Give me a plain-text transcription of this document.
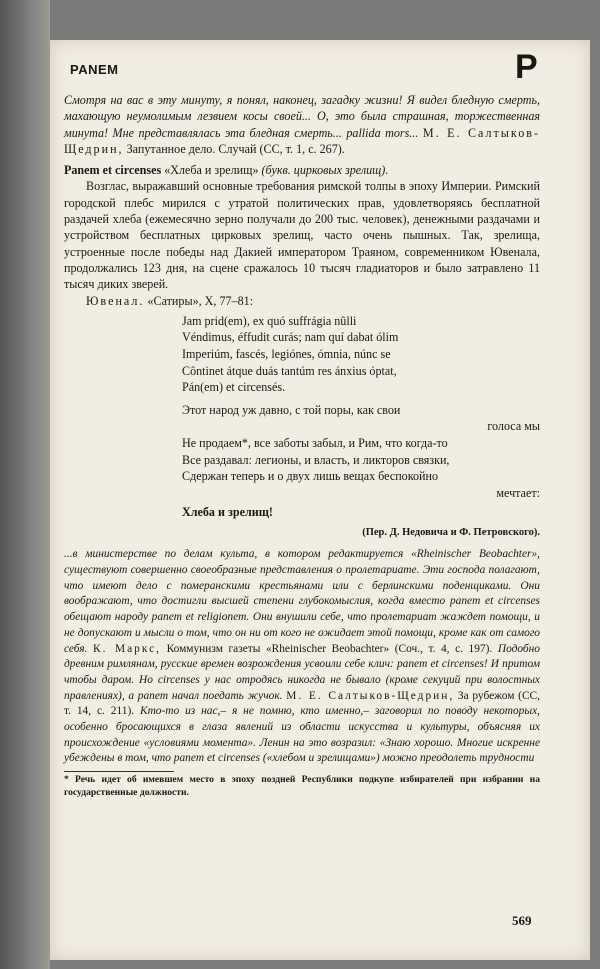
PANEM	P

Смотря на вас в эту минуту, я понял, наконец, загадку жизни! Я видел бледную смерть, махающую неумолимым лезвием косы своей... О, это была страшная, торжественная минута! Мне представлялась эта бледная смерть... pallida mors... М. Е. Салтыков-Щедрин, Запутанное дело. Случай (СС, т. 1, с. 267).

Panem et circenses «Хлеба и зрелищ» (букв. цирковых зрелищ).

Возглас, выражавший основные требования римской толпы в эпоху Империи. Римский городской плебс мирился с утратой политических прав, удовлетворяясь бесплатной раздачей хлеба (ежемесячно зерно получали до 200 тыс. человек), денежными раздачами и устройством бесплатных цирковых зрелищ, часто очень пышных. Так, зрелища, устроенные после победы над Дакией императором Траяном, современником Ювенала, продолжались 123 дня, на сцене сражалось 10 тысяч гладиаторов и было затравлено 11 тысяч диких зверей.

Ювенал. «Сатиры», X, 77–81:

Jam prid(em), ex quó suffrágia nûlli
Véndimus, éffudit curás; nam quí dabat ólim
Imperiúm, fascés, legiónes, ómnia, núnc se
Côntinet átque duás tantúm res ánxius óptat,
Pán(em) et circensés.
Этот народ уж давно, с той поры, как свои
голоса мы
Не продаем*, все заботы забыл, и Рим, что когда-то
Все раздавал: легионы, и власть, и ликторов связки,
Сдержан теперь и о двух лишь вещах беспокойно
мечтает:
Хлеба и зрелищ!
(Пер. Д. Недовича и Ф. Петровского).

...в министерстве по делам культа, в котором редактируется «Rheinischer Beobachter», существуют совершенно своеобразные представления о пролетариате. Эти господа полагают, что имеют дело с померанскими крестьянами или с берлинскими поденщиками. Они воображают, что достигли высшей степени глубокомыслия, когда вместо panem et circenses обещают народу panem et religionem. Они внушили себе, что пролетариат жаждет помощи, и не допускают и мысли о том, что он ни от кого не ожидает этой помощи, кроме как от самого себя. К. Маркс, Коммунизм газеты «Rheinischer Beobachter» (Соч., т. 4, с. 197). Подобно древним римлянам, русские времен возрождения усвоили себе клич: panem et circenses! И притом чтобы даром. Но circenses у нас отродясь никогда не бывало (кроме секуций при волостных правлениях), а panem начал поедать жучок. М. Е. Салтыков-Щедрин, За рубежом (СС, т. 14, с. 211). Кто-то из нас,– я не помню, кто именно,– заговорил по поводу некоторых, особенно бросающихся в глаза явлений из области искусства и культуры, объясняя их происхождение «условиями момента». Ленин на это возразил: «Знаю хорошо. Многие искренне убеждены в том, что panem et circenses («хлебом и зрелищами») можно преодолеть трудности

* Речь идет об имевшем место в эпоху поздней Республики подкупе избирателей при избрании на государственные должности.

569
